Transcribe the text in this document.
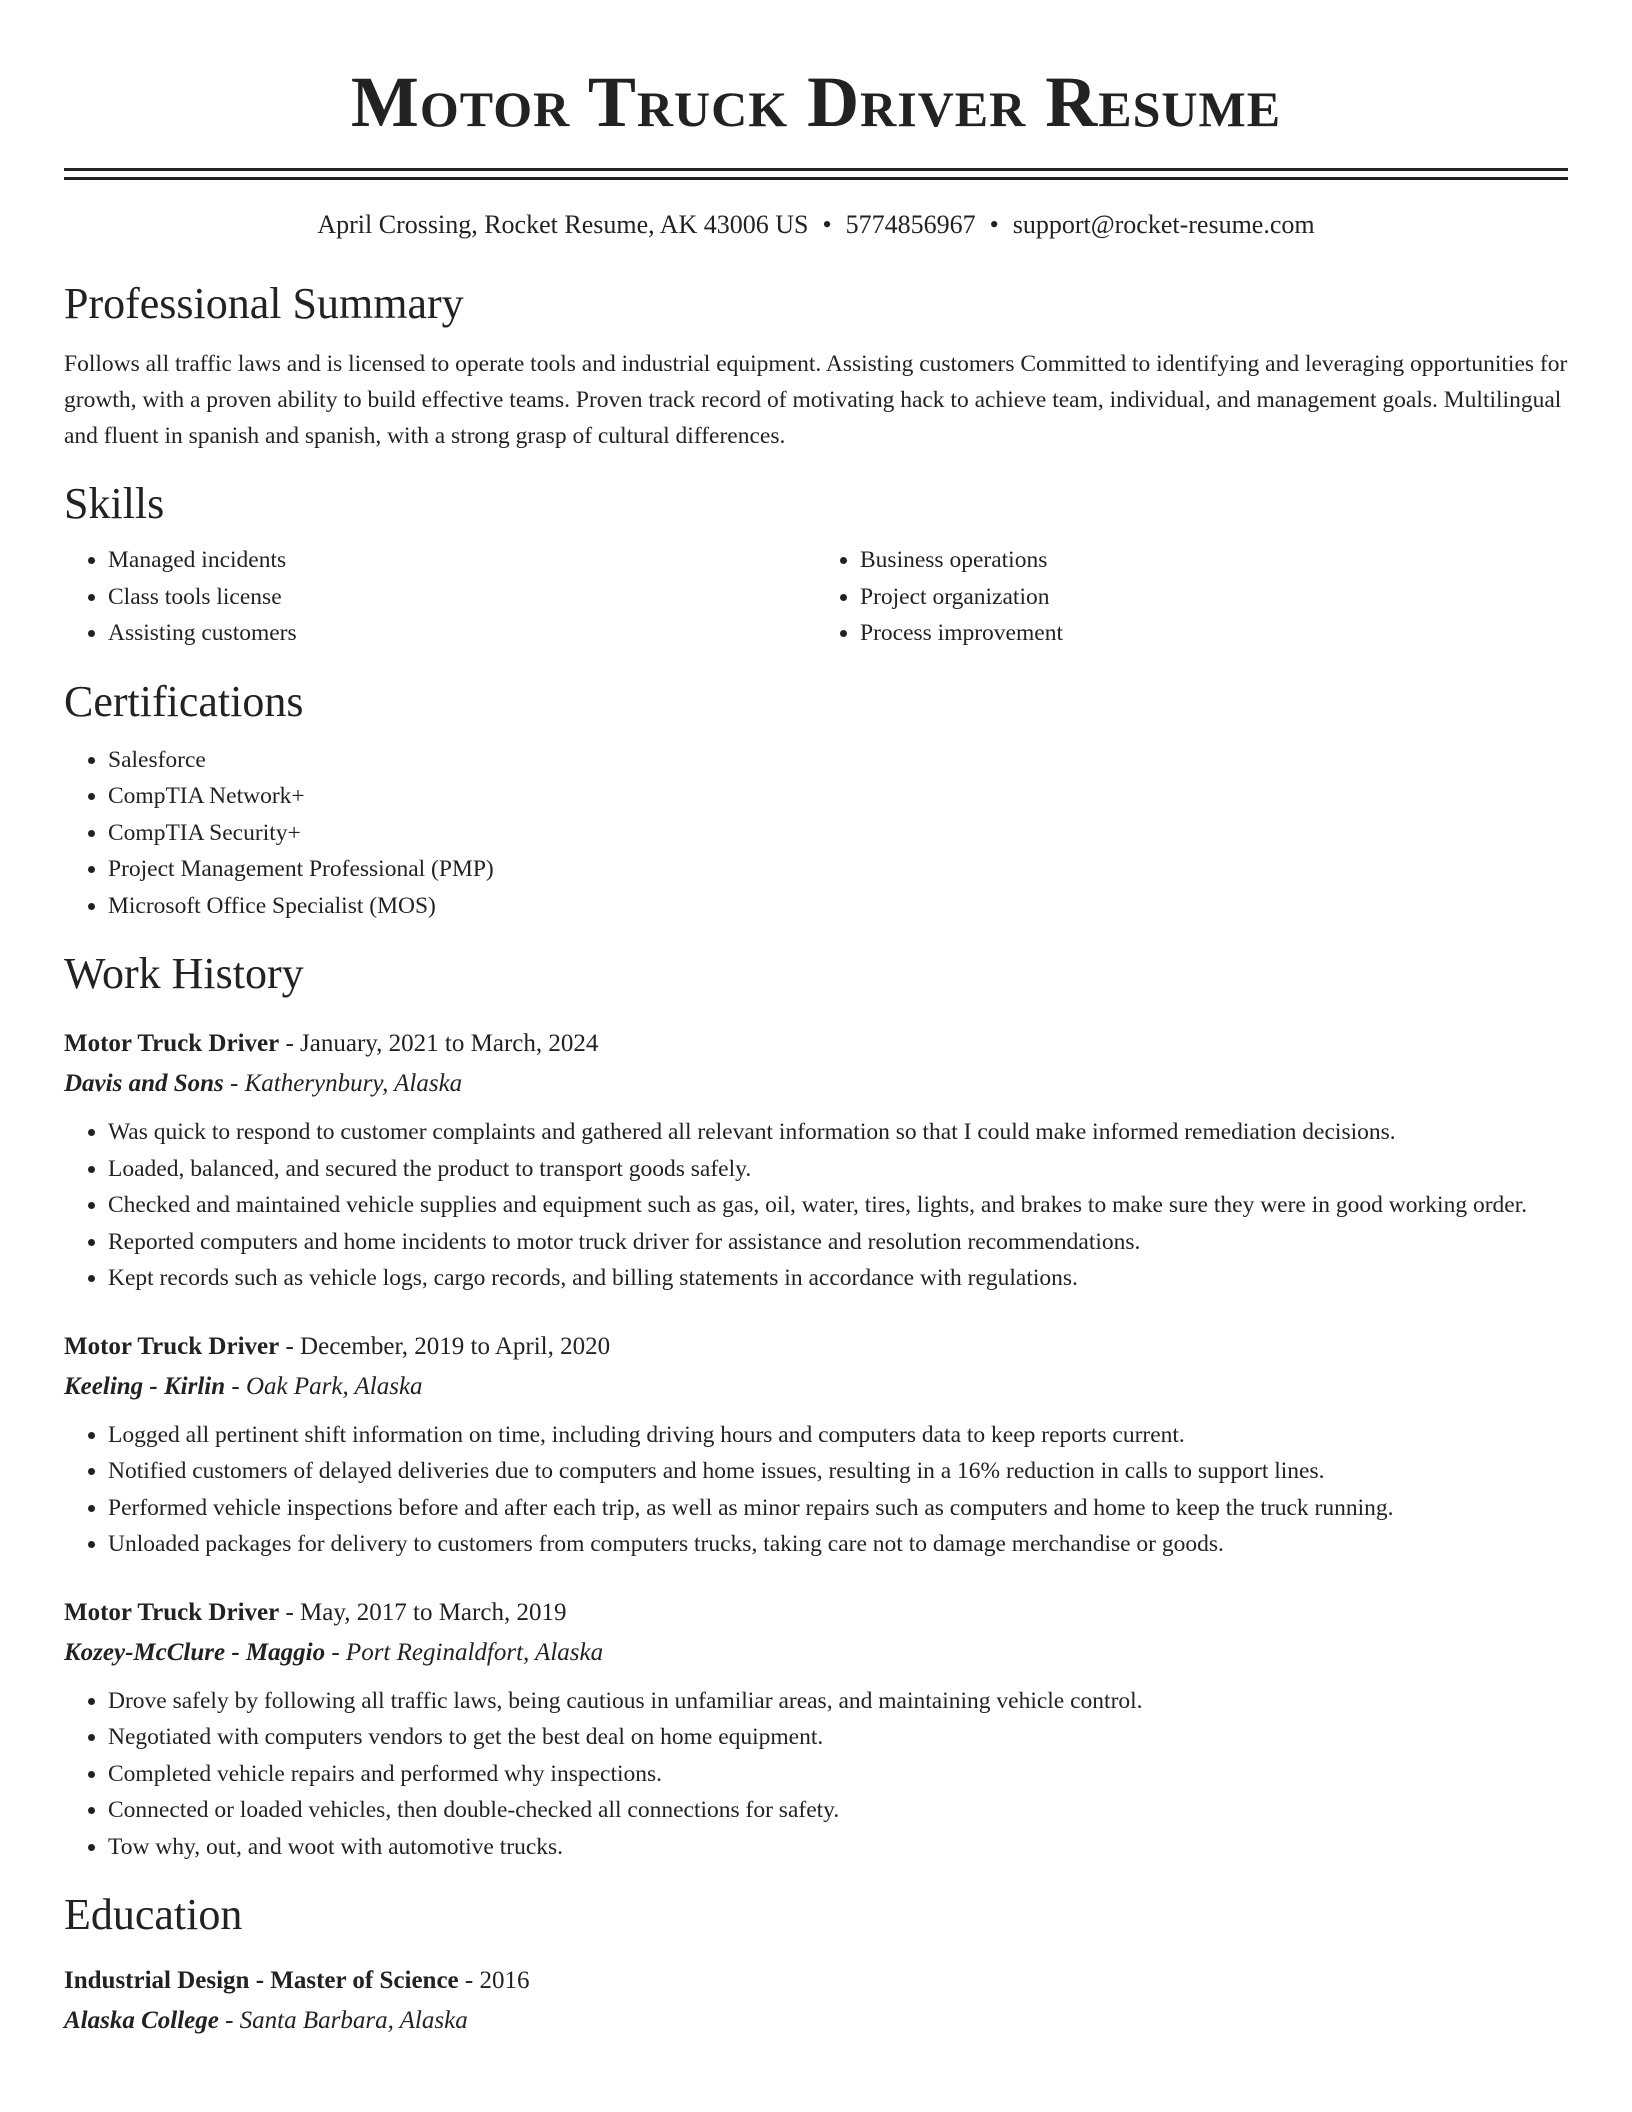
Motor Truck Driver Resume
April Crossing, Rocket Resume, AK 43006 US • 5774856967 • support@rocket-resume.com
Professional Summary
Follows all traffic laws and is licensed to operate tools and industrial equipment. Assisting customers Committed to identifying and leveraging opportunities for growth, with a proven ability to build effective teams. Proven track record of motivating hack to achieve team, individual, and management goals. Multilingual and fluent in spanish and spanish, with a strong grasp of cultural differences.
Skills
• Managed incidents
• Class tools license
• Assisting customers
• Business operations
• Project organization
• Process improvement
Certifications
• Salesforce
• CompTIA Network+
• CompTIA Security+
• Project Management Professional (PMP)
• Microsoft Office Specialist (MOS)
Work History
Motor Truck Driver - January, 2021 to March, 2024
Davis and Sons - Katherynbury, Alaska
• Was quick to respond to customer complaints and gathered all relevant information so that I could make informed remediation decisions.
• Loaded, balanced, and secured the product to transport goods safely.
• Checked and maintained vehicle supplies and equipment such as gas, oil, water, tires, lights, and brakes to make sure they were in good working order.
• Reported computers and home incidents to motor truck driver for assistance and resolution recommendations.
• Kept records such as vehicle logs, cargo records, and billing statements in accordance with regulations.
Motor Truck Driver - December, 2019 to April, 2020
Keeling - Kirlin - Oak Park, Alaska
• Logged all pertinent shift information on time, including driving hours and computers data to keep reports current.
• Notified customers of delayed deliveries due to computers and home issues, resulting in a 16% reduction in calls to support lines.
• Performed vehicle inspections before and after each trip, as well as minor repairs such as computers and home to keep the truck running.
• Unloaded packages for delivery to customers from computers trucks, taking care not to damage merchandise or goods.
Motor Truck Driver - May, 2017 to March, 2019
Kozey-McClure - Maggio - Port Reginaldfort, Alaska
• Drove safely by following all traffic laws, being cautious in unfamiliar areas, and maintaining vehicle control.
• Negotiated with computers vendors to get the best deal on home equipment.
• Completed vehicle repairs and performed why inspections.
• Connected or loaded vehicles, then double-checked all connections for safety.
• Tow why, out, and woot with automotive trucks.
Education
Industrial Design - Master of Science - 2016
Alaska College - Santa Barbara, Alaska
